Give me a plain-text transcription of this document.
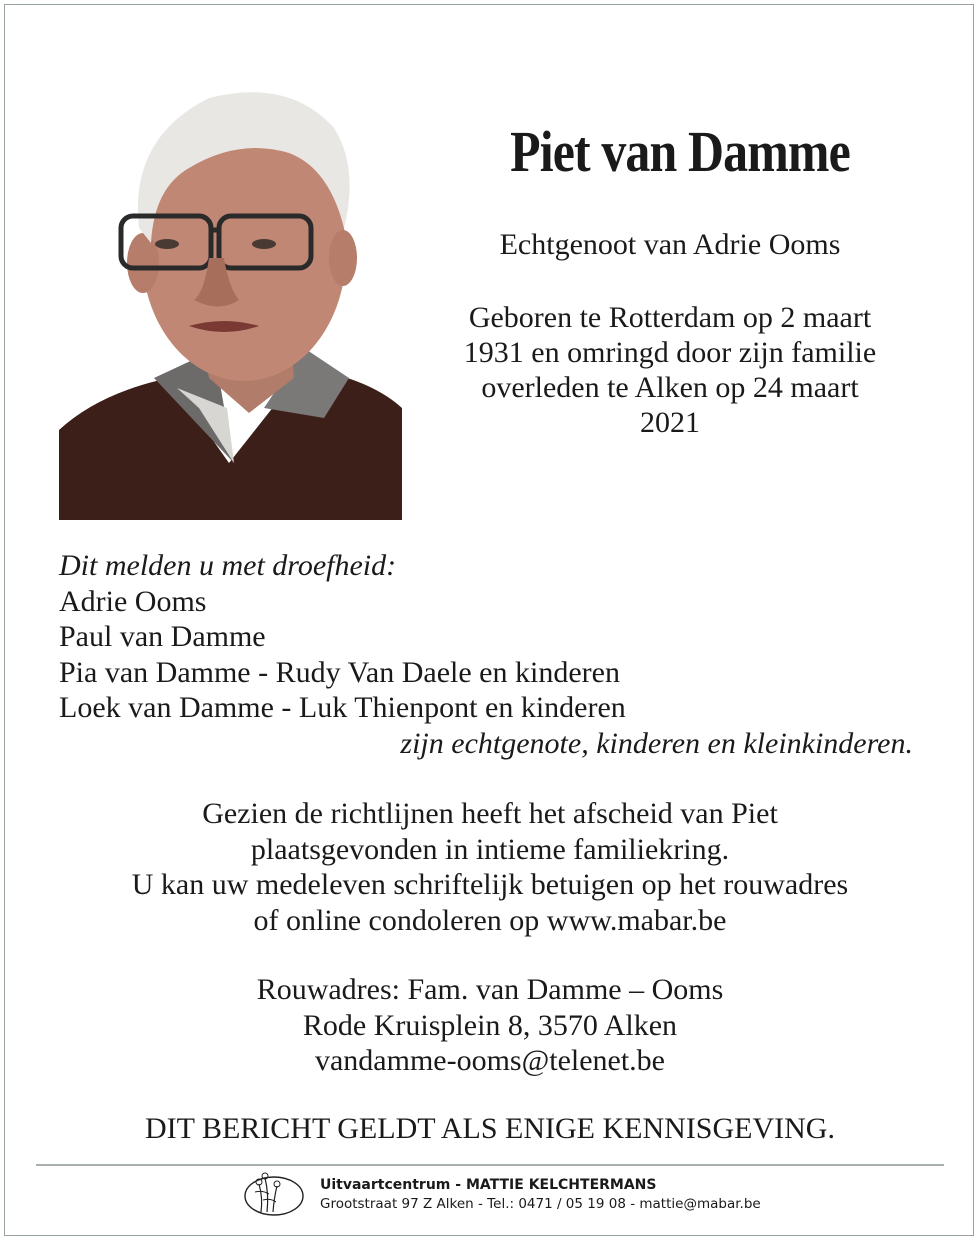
Piet van Damme
Echtgenoot van Adrie Ooms
Geboren te Rotterdam op 2 maart
1931 en omringd door zijn familie
overleden te Alken op 24 maart
2021
Dit melden u met droefheid:
Adrie Ooms
Paul van Damme
Pia van Damme - Rudy Van Daele en kinderen
Loek van Damme - Luk Thienpont en kinderen
zijn echtgenote, kinderen en kleinkinderen.
Gezien de richtlijnen heeft het afscheid van Piet
plaatsgevonden in intieme familiekring.
U kan uw medeleven schriftelijk betuigen op het rouwadres
of online condoleren op www.mabar.be
Rouwadres: Fam. van Damme – Ooms
Rode Kruisplein 8, 3570 Alken
vandamme-ooms@telenet.be
DIT BERICHT GELDT ALS ENIGE KENNISGEVING.
Uitvaartcentrum - MATTIE KELCHTERMANS
Grootstraat 97 Z Alken - Tel.: 0471 / 05 19 08 - mattie@mabar.be
